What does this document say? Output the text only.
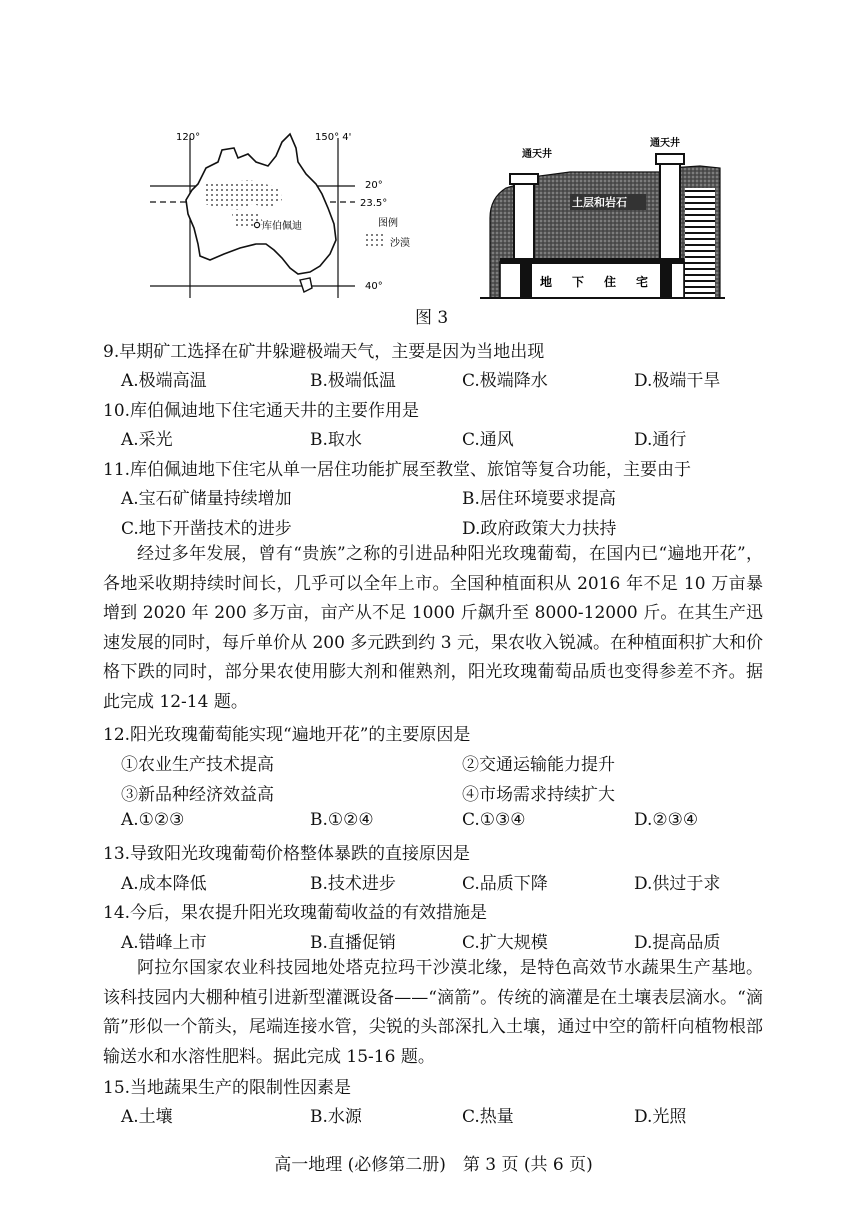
库伯佩迪
120°	150° 4'
20°
23.5°
40°
图例
沙漠
通天井
通天井
土层和岩石
地 下 住 宅
图 3
9.早期矿工选择在矿井躲避极端天气，主要是因为当地出现
A.极端高温	B.极端低温	C.极端降水	D.极端干旱
10.库伯佩迪地下住宅通天井的主要作用是
A.采光	B.取水	C.通风	D.通行
11.库伯佩迪地下住宅从单一居住功能扩展至教堂、旅馆等复合功能，主要由于
A.宝石矿储量持续增加	B.居住环境要求提高
C.地下开凿技术的进步	D.政府政策大力扶持
经过多年发展，曾有“贵族”之称的引进品种阳光玫瑰葡萄，在国内已“遍地开花”，各地采收期持续时间长，几乎可以全年上市。全国种植面积从 2016 年不足 10 万亩暴增到 2020 年 200 多万亩，亩产从不足 1000 斤飙升至 8000-12000 斤。在其生产迅速发展的同时，每斤单价从 200 多元跌到约 3 元，果农收入锐减。在种植面积扩大和价格下跌的同时，部分果农使用膨大剂和催熟剂，阳光玫瑰葡萄品质也变得参差不齐。据此完成 12-14 题。
12.阳光玫瑰葡萄能实现“遍地开花”的主要原因是
①农业生产技术提高	②交通运输能力提升
③新品种经济效益高	④市场需求持续扩大
A.①②③	B.①②④	C.①③④	D.②③④
13.导致阳光玫瑰葡萄价格整体暴跌的直接原因是
A.成本降低	B.技术进步	C.品质下降	D.供过于求
14.今后，果农提升阳光玫瑰葡萄收益的有效措施是
A.错峰上市	B.直播促销	C.扩大规模	D.提高品质
阿拉尔国家农业科技园地处塔克拉玛干沙漠北缘，是特色高效节水蔬果生产基地。该科技园内大棚种植引进新型灌溉设备——“滴箭”。传统的滴灌是在土壤表层滴水。“滴箭”形似一个箭头，尾端连接水管，尖锐的头部深扎入土壤，通过中空的箭杆向植物根部输送水和水溶性肥料。据此完成 15-16 题。
15.当地蔬果生产的限制性因素是
A.土壤	B.水源	C.热量	D.光照
高一地理 (必修第二册)　第 3 页 (共 6 页)
